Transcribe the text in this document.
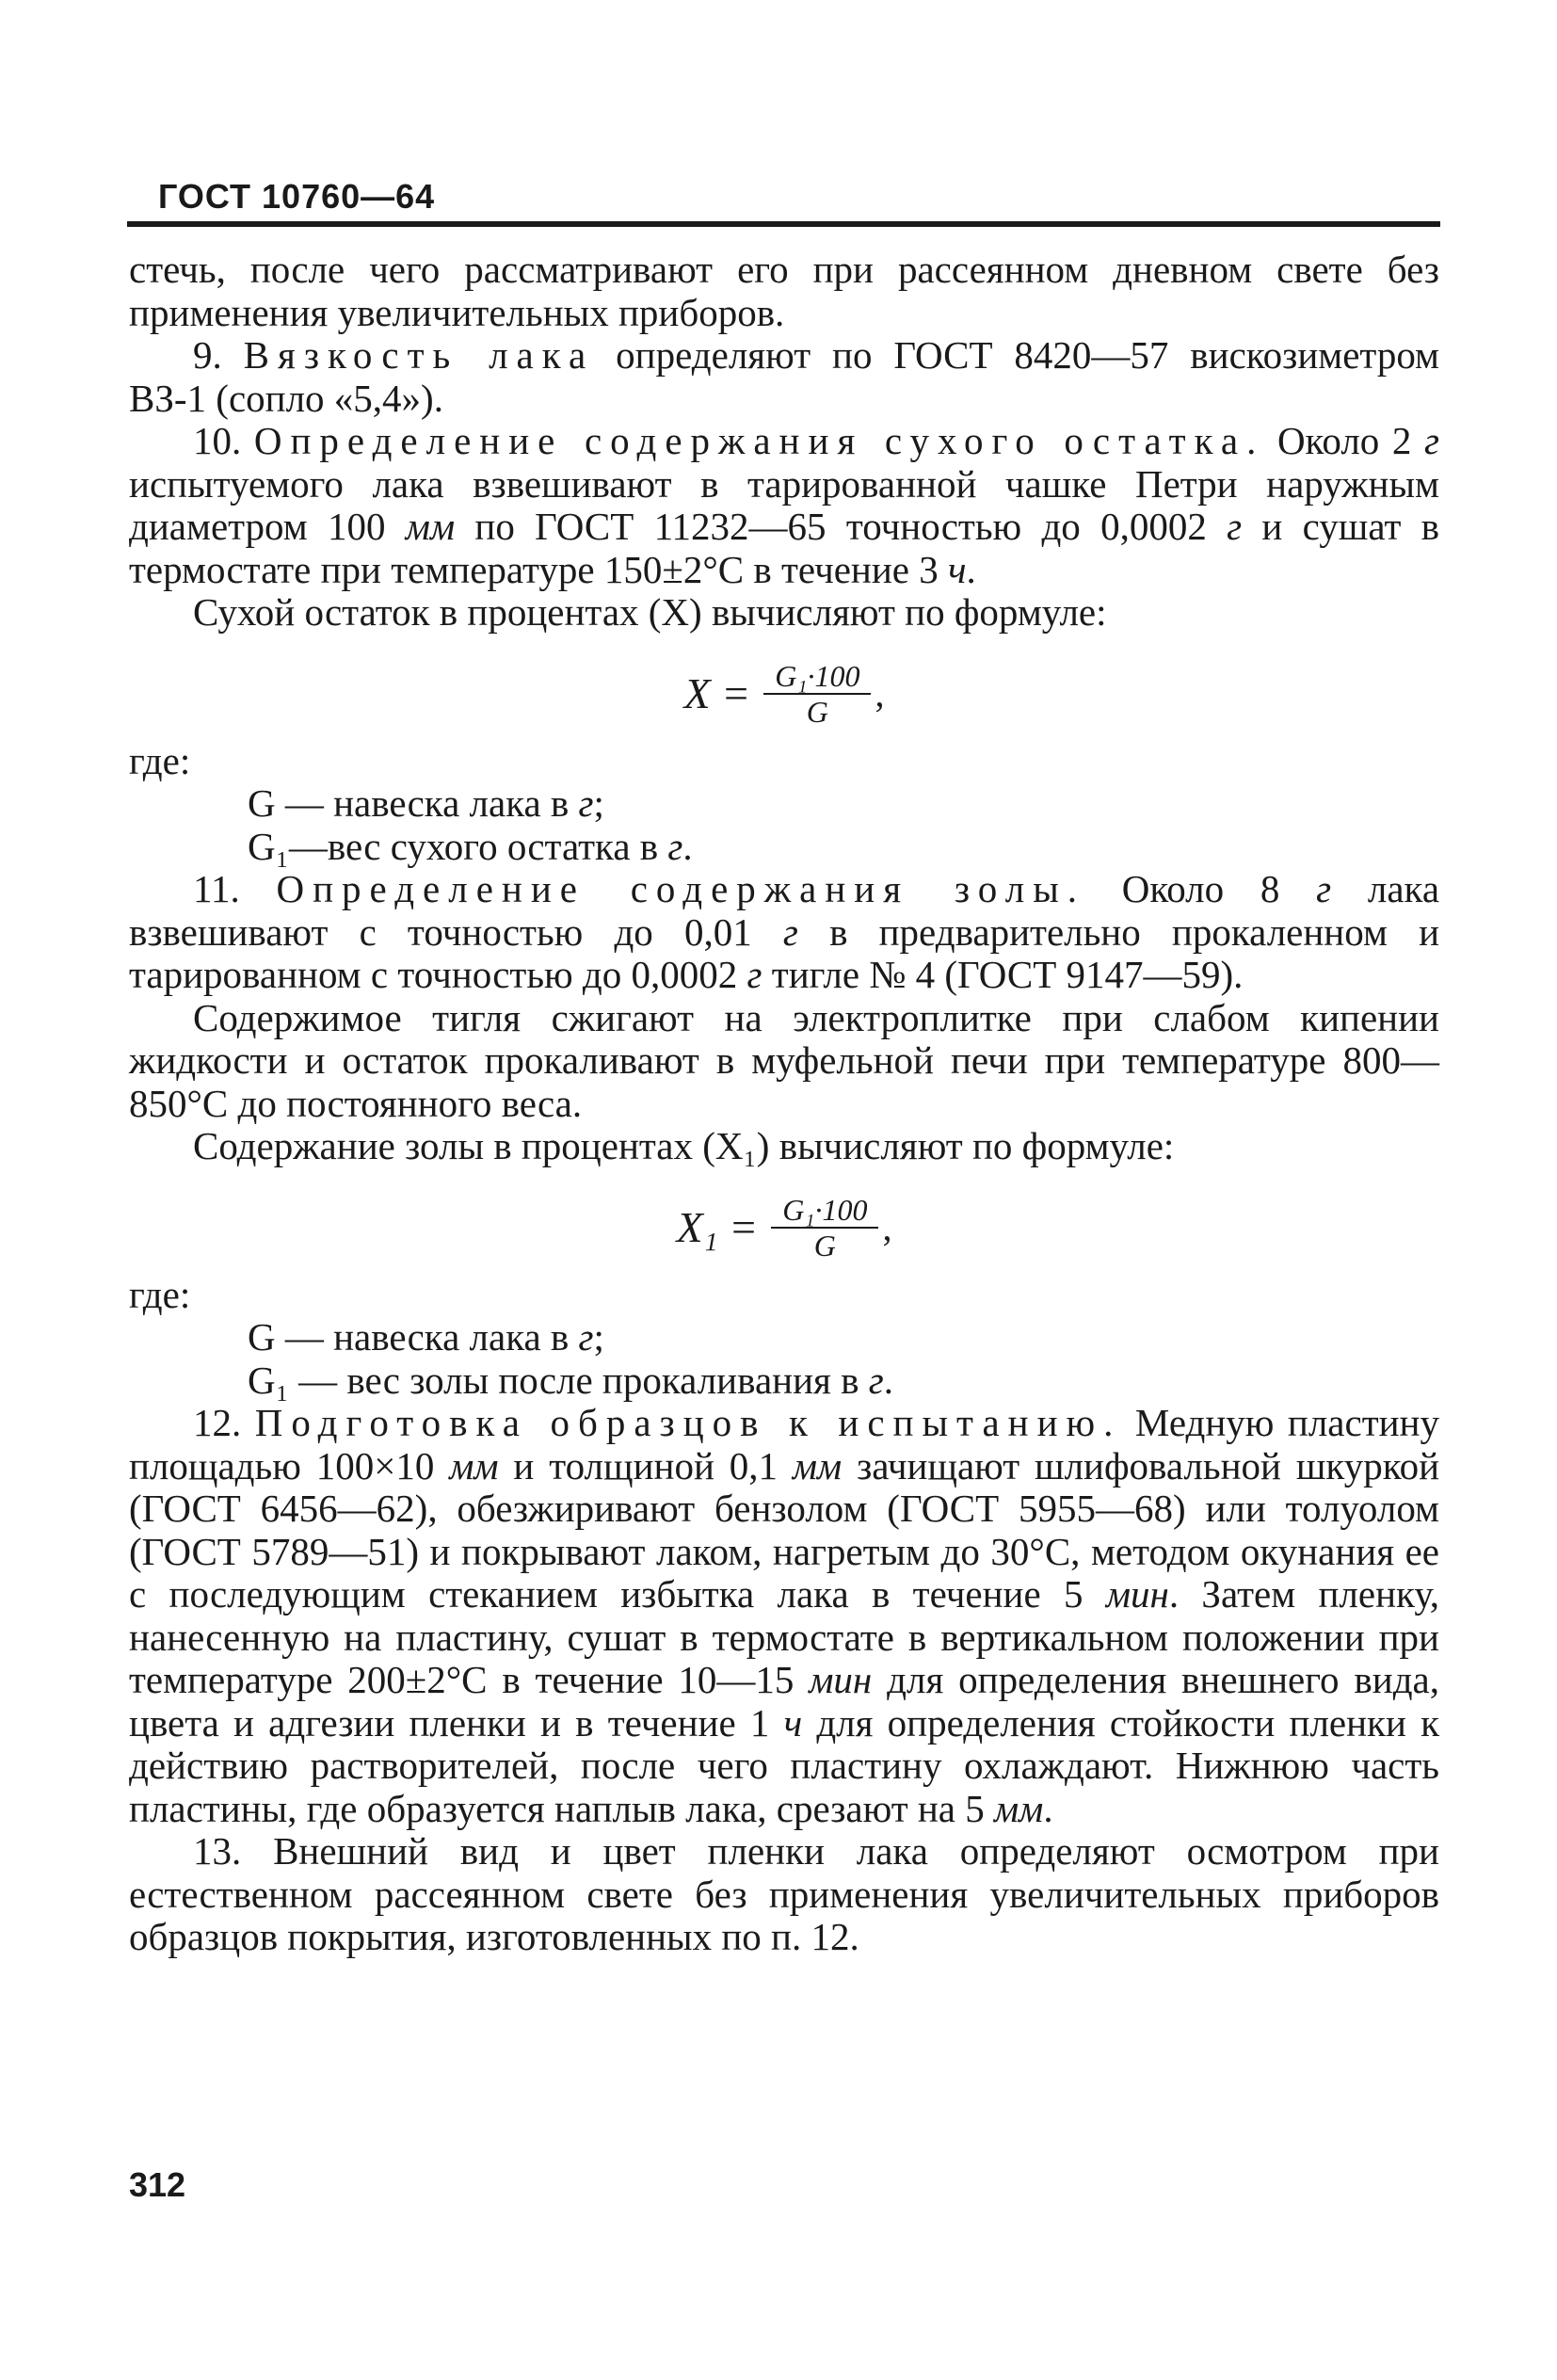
ГОСТ 10760—64

стечь, после чего рассматривают его при рассеянном дневном свете без применения увеличительных приборов.

9. Вязкость лака определяют по ГОСТ 8420—57 вискозиметром ВЗ-1 (сопло «5,4»).

10. Определение содержания сухого остатка. Около 2 г испытуемого лака взвешивают в тарированной чашке Петри наружным диаметром 100 мм по ГОСТ 11232—65 точностью до 0,0002 г и сушат в термостате при температуре 150±2°С в течение 3 ч.

Сухой остаток в процентах (X) вычисляют по формуле:

$X = \frac{\text{G₁·100}}{G}$ ,

где:

G — навеска лака в г;

G₁—вес сухого остатка в г.

11. Определение содержания золы. Около 8 г лака взвешивают с точностью до 0,01 г в предварительно прокаленном и тарированном с точностью до 0,0002 г тигле № 4 (ГОСТ 9147—59).

Содержимое тигля сжигают на электроплитке при слабом кипении жидкости и остаток прокаливают в муфельной печи при температуре 800—850°С до постоянного веса.

Содержание золы в процентах (X₁) вычисляют по формуле:

$X_1 = \frac{\text{G₁·100}}{G}$ ,

где:

G — навеска лака в г;

G₁ — вес золы после прокаливания в г.

12. Подготовка образцов к испытанию. Медную пластину площадью 100×10 мм и толщиной 0,1 мм зачищают шлифовальной шкуркой (ГОСТ 6456—62), обезжиривают бензолом (ГОСТ 5955—68) или толуолом (ГОСТ 5789—51) и покрывают лаком, нагретым до 30°С, методом окунания ее с последующим стеканием избытка лака в течение 5 мин. Затем пленку, нанесенную на пластину, сушат в термостате в вертикальном положении при температуре 200±2°С в течение 10—15 мин для определения внешнего вида, цвета и адгезии пленки и в течение 1 ч для определения стойкости пленки к действию растворителей, после чего пластину охлаждают. Нижнюю часть пластины, где образуется наплыв лака, срезают на 5 мм.

13. Внешний вид и цвет пленки лака определяют осмотром при естественном рассеянном свете без применения увеличительных приборов образцов покрытия, изготовленных по п. 12.

312
